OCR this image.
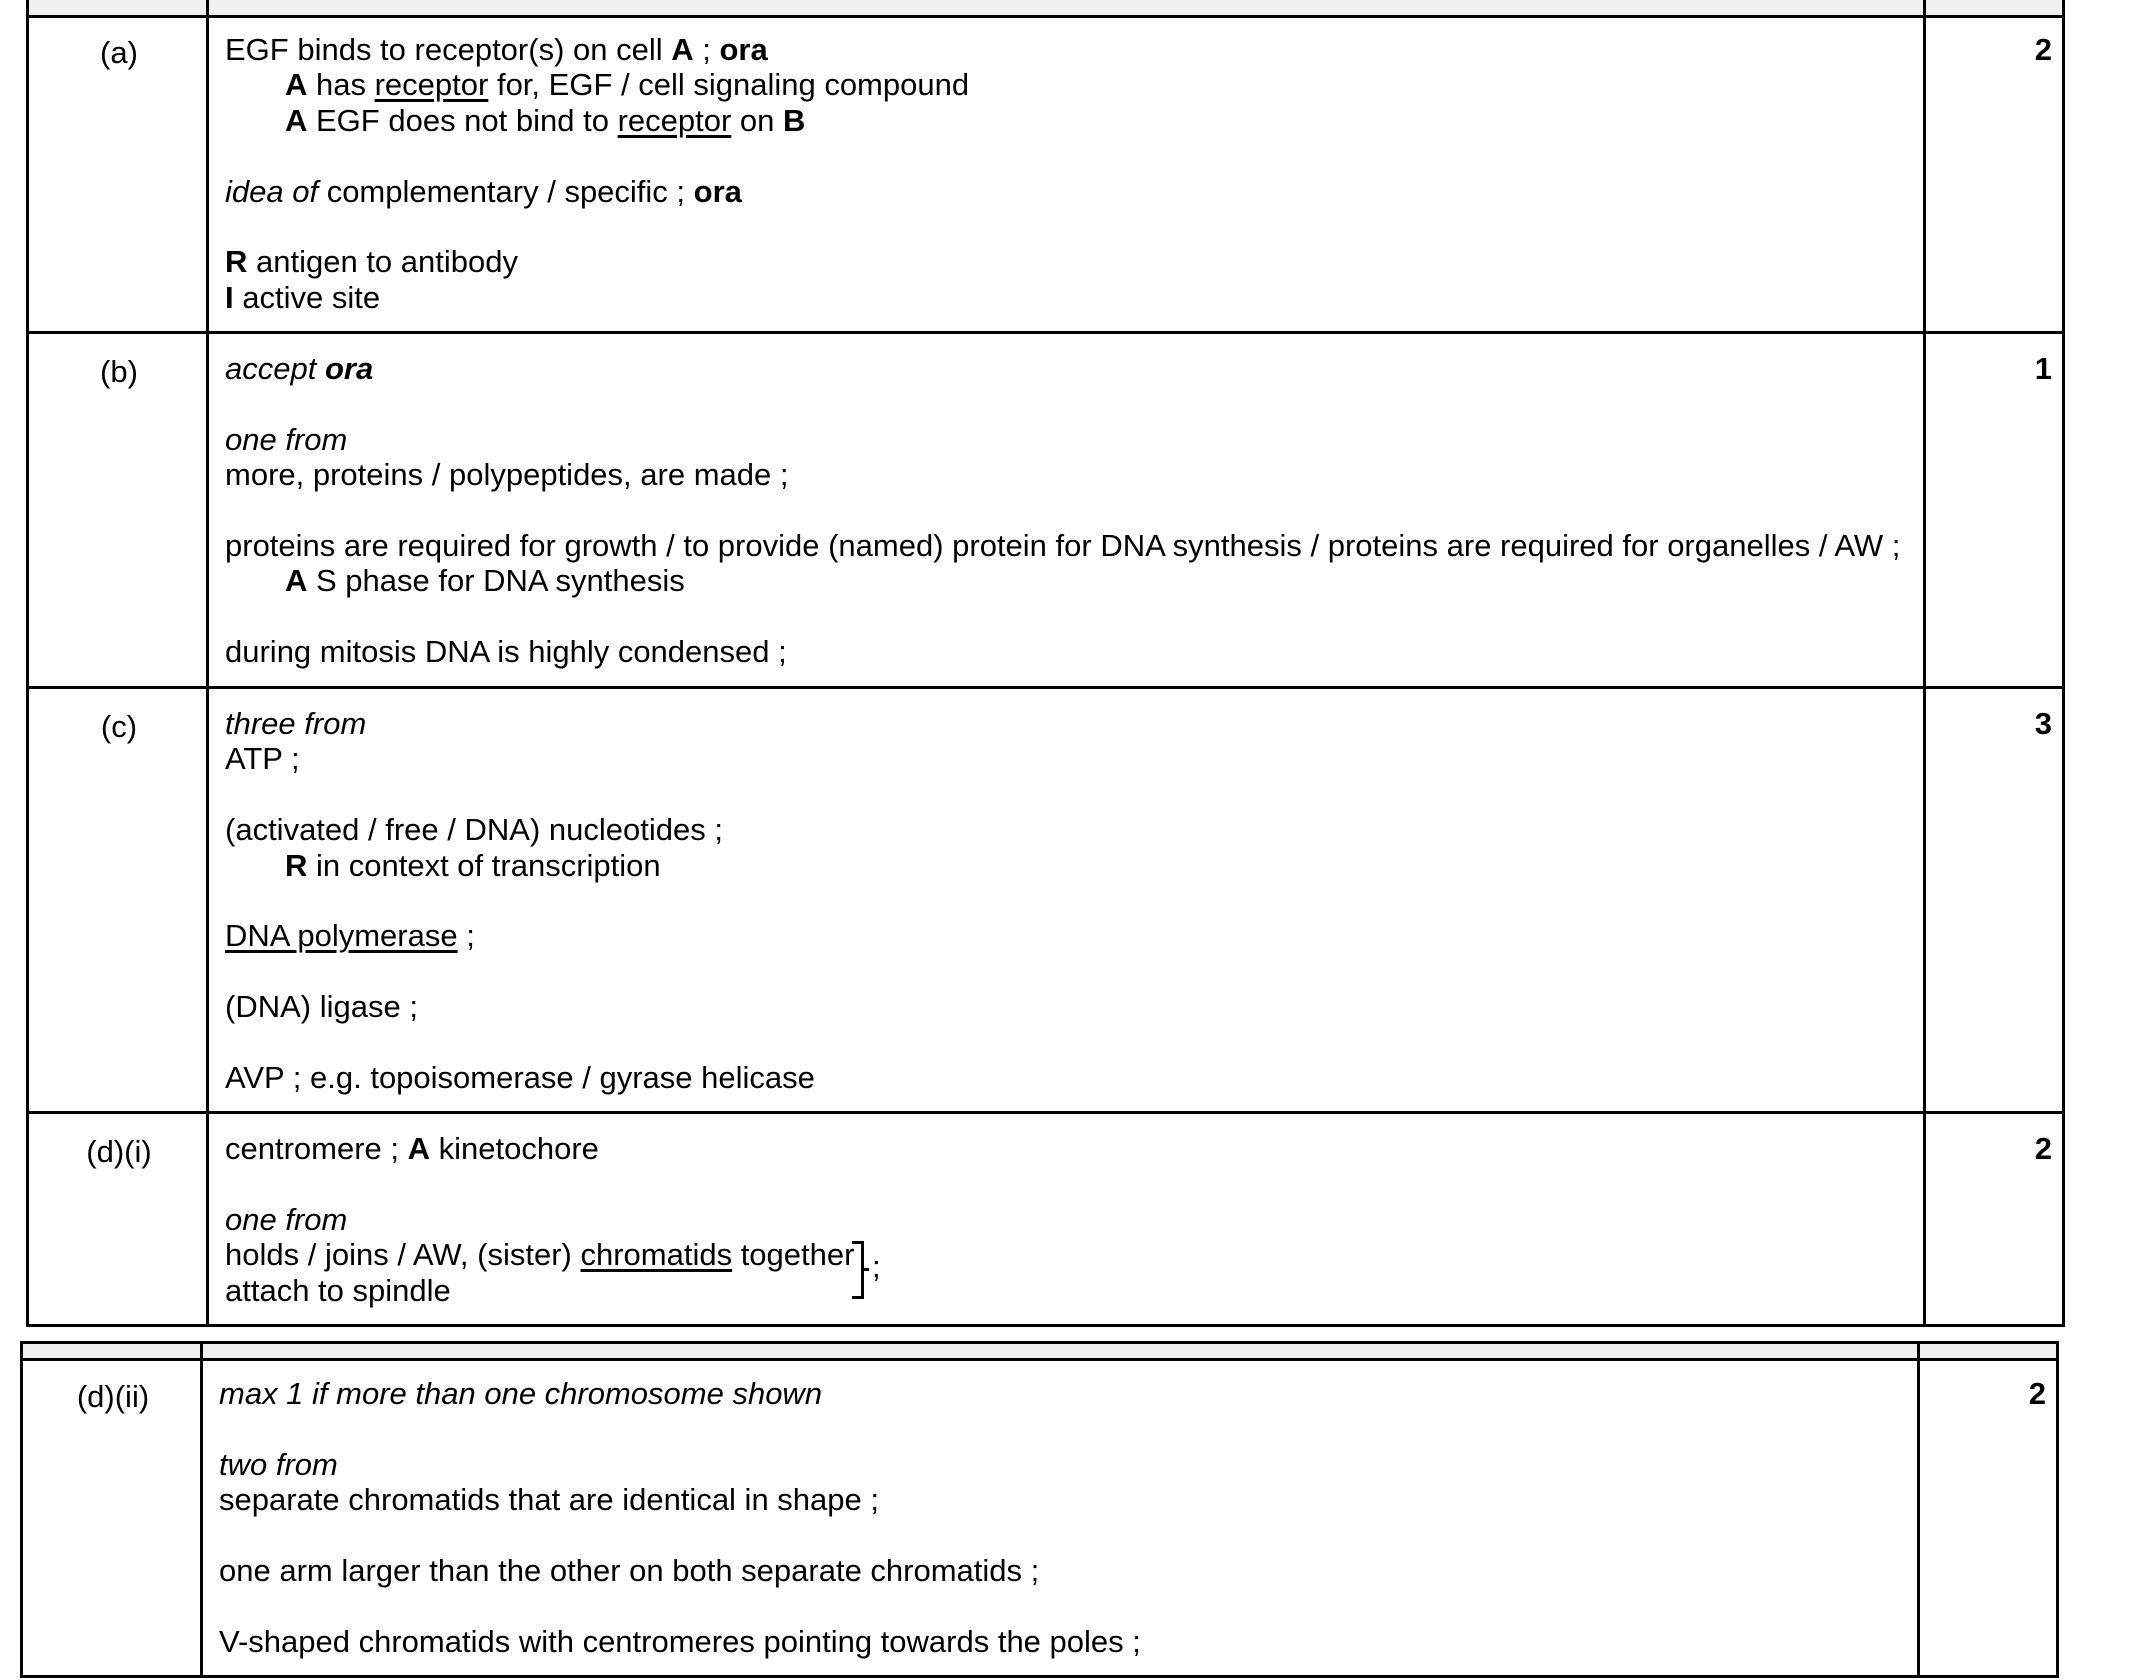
(a)	EGF binds to receptor(s) on cell A ; ora
A has receptor for, EGF / cell signaling compound
A EGF does not bind to receptor on B
idea of complementary / specific ; ora
R antigen to antibody
I active site
2
(b)	accept ora
one from
more, proteins / polypeptides, are made ;
proteins are required for growth / to provide (named) protein for DNA synthesis / proteins are required for organelles / AW ;
A S phase for DNA synthesis
during mitosis DNA is highly condensed ;
1
(c)	three from
ATP ;
(activated / free / DNA) nucleotides ;
R in context of transcription
DNA polymerase ;
(DNA) ligase ;
AVP ; e.g. topoisomerase / gyrase helicase
3
(d)(i)	centromere ; A kinetochore
one from
holds / joins / AW, (sister) chromatids together
attach to spindle
2
;
(d)(ii)	max 1 if more than one chromosome shown
two from
separate chromatids that are identical in shape ;
one arm larger than the other on both separate chromatids ;
V-shaped chromatids with centromeres pointing towards the poles ;
2
